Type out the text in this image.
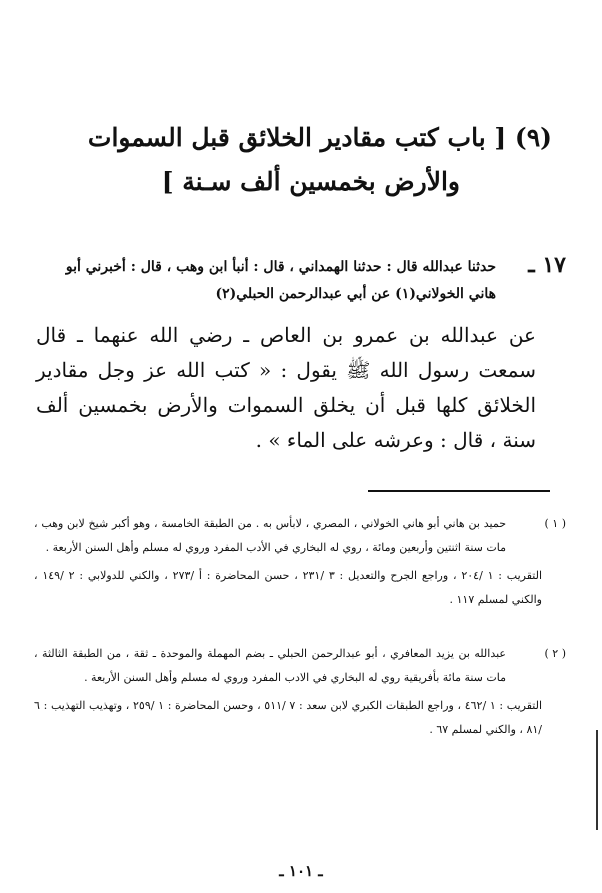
(٩) [ باب كتب مقادير الخلائق قبل السموات

والأرض بخمسين ألف سـنة ]
١٧ ـ
حدثنا عبدالله قال : حدثنا الهمداني ، قال : أنبأ ابن وهب ، قال : أخبرني أبو هاني الخولاني(١) عن أبي عبدالرحمن الحبلي(٢)
عن عبدالله بن عمرو بن العاص ـ رضي الله عنهما ـ قال سمعت رسول الله ﷺ يقول : « كتب الله عز وجل مقادير الخلائق كلها قبل أن يخلق السموات والأرض بخمسين ألف سنة ، قال : وعرشه على الماء » .
( ١ )
حميد بن هاني أبو هاني الخولاني ، المصري ، لابأس به . من الطبقة الخامسة ، وهو أكبر شيخ لابن وهب ، مات سنة اثنتين وأربعين ومائة ، روي له البخاري في الأدب المفرد وروي له مسلم وأهل السنن الأربعة .
التقريب : ١ /٢٠٤ ، وراجع الجرح والتعديل : ٣ /٢٣١ ، حسن المحاضرة : أ /٢٧٣ ، والكني للدولابي : ٢ /١٤٩ ، والكني لمسلم ١١٧ .
( ٢ )
عبدالله بن يزيد المعافري ، أبو عبدالرحمن الحبلي ـ بضم المهملة والموحدة ـ ثقة ، من الطبقة الثالثة ، مات سنة مائة بأفريقية روي له البخاري في الادب المفرد وروي له مسلم وأهل السنن الأربعة .
التقريب : ١ /٤٦٢ ، وراجع الطبقات الكبري لابن سعد : ٧ /٥١١ ، وحسن المحاضرة : ١ /٢٥٩ ، وتهذيب التهذيب : ٦ /٨١ ، والكني لمسلم ٦٧ .
ـ ١٠١ ـ
